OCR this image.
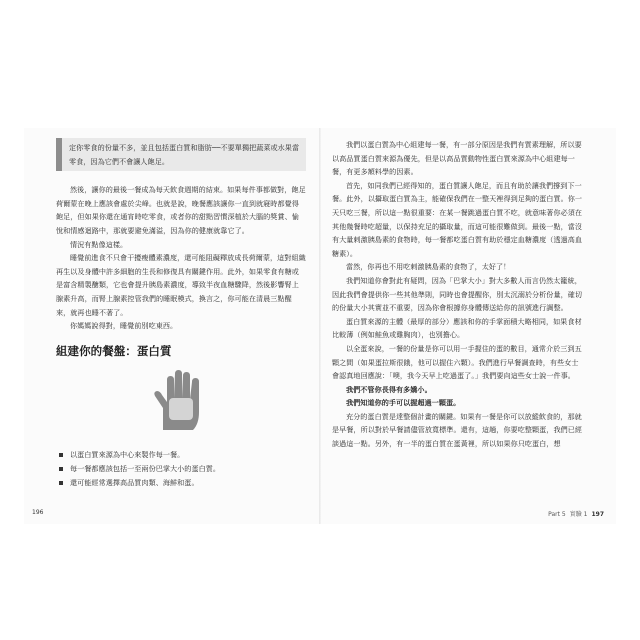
定你零食的份量不多，並且包括蛋白質和脂肪──不要單獨把蔬菜或水果當零食，因為它們不會讓人飽足。

然後，讓你的最後一餐成為每天飲食週期的結束。如果每件事都做對，飽足荷爾蒙在晚上應該會處於尖峰。也就是說，晚餐應該讓你一直到就寢時都覺得飽足，但如果你還在通宵時吃零食，或者你的甜點習慣深植於大腦的獎賞、愉悅和情感迴路中，那就要避免滿溢，因為你的健康就靠它了。

情況有點像這樣。

睡覺前進食不只會干擾瘦體素濃度，還可能阻礙釋放成長荷爾蒙，這對組織再生以及身體中許多細胞的生長和修復具有關鍵作用。此外，如果零食有糖或是富含精製醣類，它也會提升胰島素濃度，導致半夜血糖驟降，然後影響腎上腺素升高，而腎上腺素控管我們的睡眠模式，換言之，你可能在清晨三點醒來，就再也睡不著了。

你媽媽說得對，睡覺前別吃東西。

組建你的餐盤：蛋白質
以蛋白質來源為中心來製作每一餐。
每一餐都應該包括一至兩份巴掌大小的蛋白質。
還可能經常選擇高品質肉類、海鮮和蛋。

我們以蛋白質為中心組建每一餐，有一部分原因是我們有質素理解，所以要以高品質蛋白質來源為優先，但是以高品質動物性蛋白質來源為中心組建每一餐，有更多額料學的因素。

首先，如同我們已經得知的，蛋白質讓人飽足，而且有助於讓我們撐到下一餐。此外，以攝取蛋白質為主，能確保我們在一整天裡得到足夠的蛋白質。你一天只吃三餐，所以這一點很重要：在某一餐跳過蛋白質不吃，就意味著你必須在其他幾餐時吃超量，以保持充足的攝取量，而這可能很難做到。最後一點，當沒有大量刺激胰島素的食物時，每一餐都吃蛋白質有助於穩定血糖濃度（透過高血糖素）。

當然，你再也不用吃刺激胰島素的食物了，太好了！

我們知道你會對此有疑問，因為「巴掌大小」對大多數人而言仍然太籠統，因此我們會提供你一些其他準則，同時也會提醒你，別太沉溺於分析份量，確切的份量大小其實並不重要，因為你會根據你身體傳送給你的訊號進行調整。

蛋白質來源的主體（最厚的部分）應該和你的手掌面積大略相同，如果食材比較薄（例如鮭魚或雞胸肉），也別擔心。

以全蛋來說，一餐的份量是你可以用一手握住的蛋的數目，通常介於三到五顆之間（如果蛋拉斯很餓，他可以握住六顆）。我們進行早餐調查時，有些女士會認真地回應說：「噢，我今天早上吃過蛋了。」我們要向這些女士說一件事。

我們不管你長得有多嬌小。

我們知道你的手可以握超過一顆蛋。

充分的蛋白質是達整個計畫的關鍵。如果有一餐是你可以放縱飲食的，那就是早餐，所以對於早餐請儘管放寬標準。還有，這趟，你要吃整顆蛋，我們已經談過這一點。另外，有一半的蛋白質在蛋黃裡，所以如果你只吃蛋白，想

196	Part 5 實驗 1 197
